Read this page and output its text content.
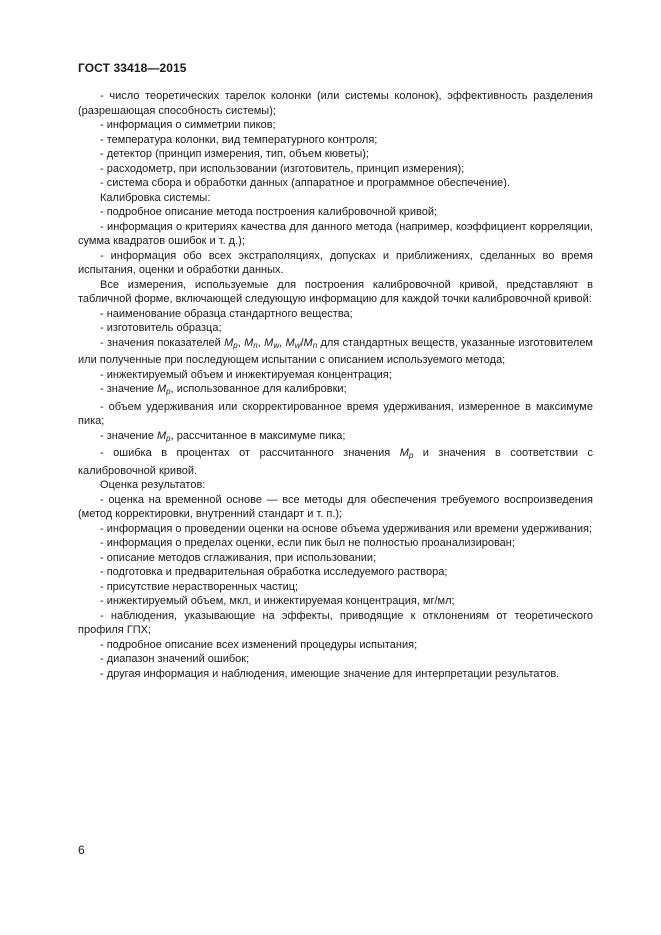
ГОСТ 33418—2015

- число теоретических тарелок колонки (или системы колонок), эффективность разделения (разрешающая способность системы);

- информация о симметрии пиков;

- температура колонки, вид температурного контроля;

- детектор (принцип измерения, тип, объем кюветы);

- расходометр, при использовании (изготовитель, принцип измерения);

- система сбора и обработки данных (аппаратное и программное обеспечение).

Калибровка системы:

- подробное описание метода построения калибровочной кривой;

- информация о критериях качества для данного метода (например, коэффициент корреляции, сумма квадратов ошибок и т. д.);

- информация обо всех экстраполяциях, допусках и приближениях, сделанных во время испытания, оценки и обработки данных.

Все измерения, используемые для построения калибровочной кривой, представляют в табличной форме, включающей следующую информацию для каждой точки калибровочной кривой:

- наименование образца стандартного вещества;

- изготовитель образца;

- значения показателей $M_p$, $M_n$, $M_w$, $M_w/M_n$ для стандартных веществ, указанные изготовителем или полученные при последующем испытании с описанием используемого метода;

- инжектируемый объем и инжектируемая концентрация;

- значение $M_p$, использованное для калибровки;

- объем удерживания или скорректированное время удерживания, измеренное в максимуме пика;

- значение $M_p$, рассчитанное в максимуме пика;

- ошибка в процентах от рассчитанного значения $M_p$ и значения в соответствии с калибровочной кривой.

Оценка результатов:

- оценка на временной основе — все методы для обеспечения требуемого воспроизведения (метод корректировки, внутренний стандарт и т. п.);

- информация о проведении оценки на основе объема удерживания или времени удерживания;

- информация о пределах оценки, если пик был не полностью проанализирован;

- описание методов сглаживания, при использовании;

- подготовка и предварительная обработка исследуемого раствора;

- присутствие нерастворенных частиц;

- инжектируемый объем, мкл, и инжектируемая концентрация, мг/мл;

- наблюдения, указывающие на эффекты, приводящие к отклонениям от теоретического профиля ГПХ;

- подробное описание всех изменений процедуры испытания;

- диапазон значений ошибок;

- другая информация и наблюдения, имеющие значение для интерпретации результатов.

6
